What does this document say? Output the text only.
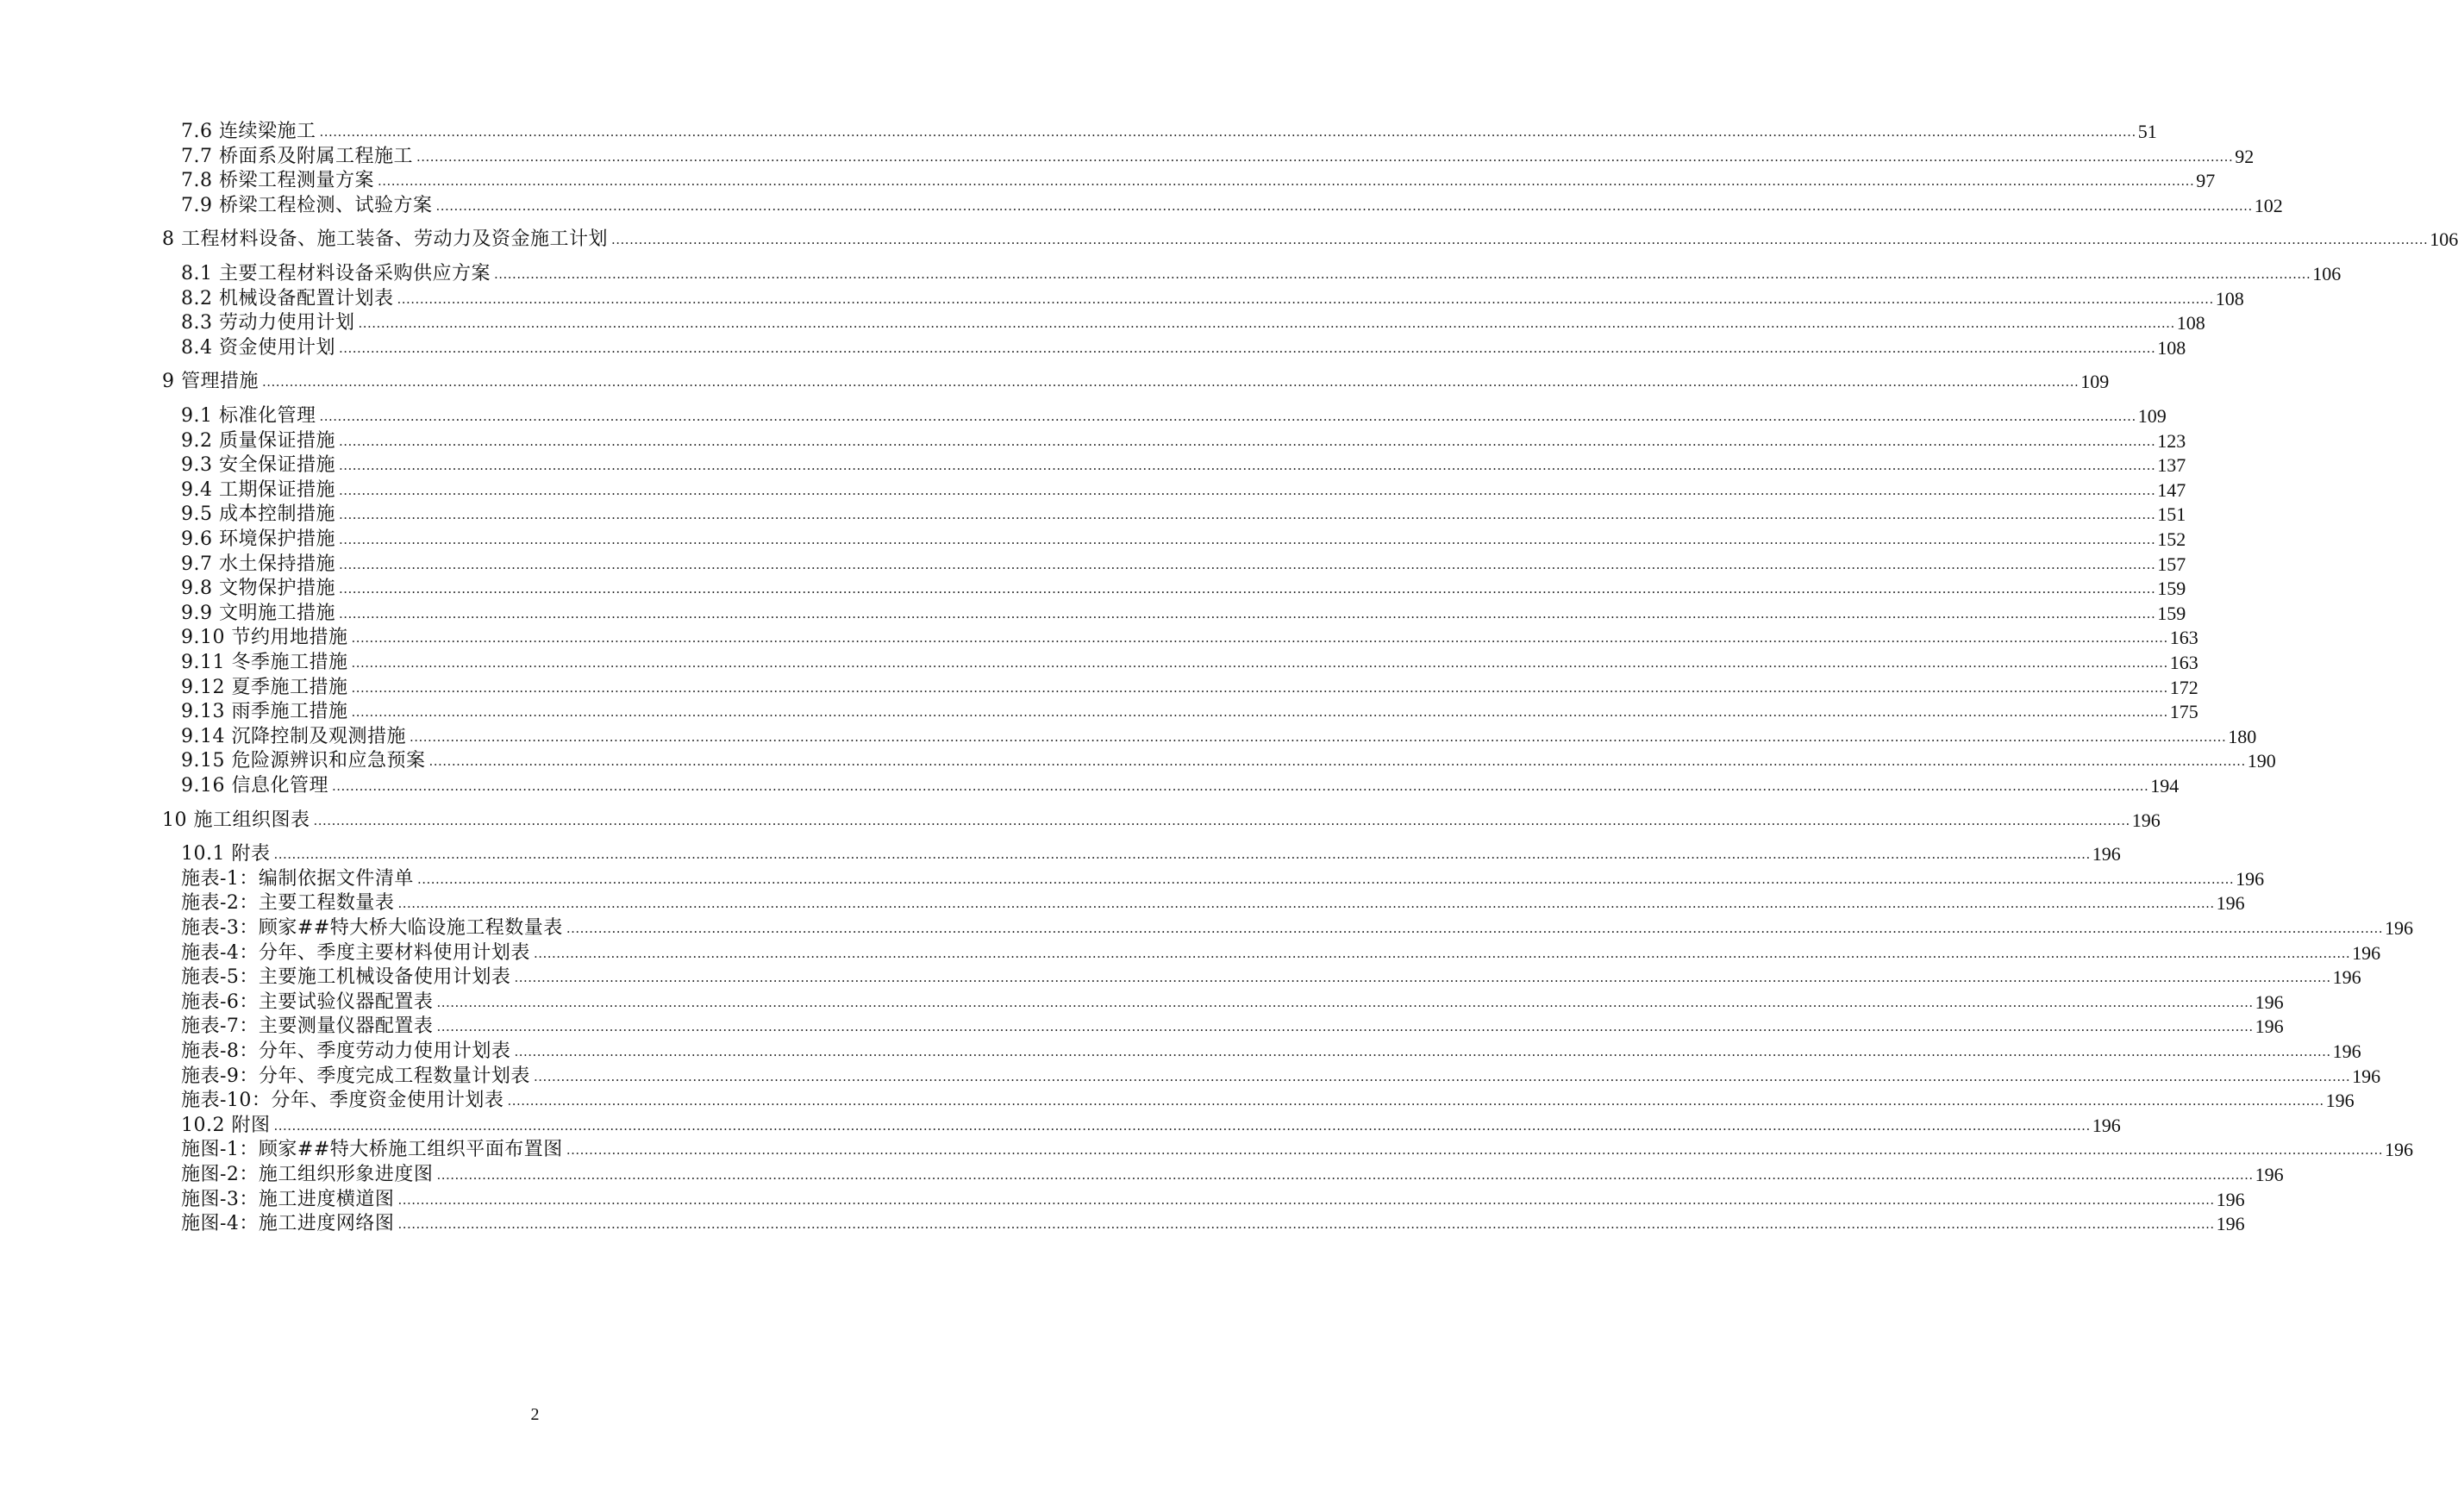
7.6 连续梁施工 ................................................................................................................................................................................................................................................................................................................................................................................................................ 51
7.7 桥面系及附属工程施工 ................................................................................................................................................................................................................................................................................................................................................................................................................ 92
7.8 桥梁工程测量方案 ................................................................................................................................................................................................................................................................................................................................................................................................................ 97
7.9 桥梁工程检测、试验方案 ................................................................................................................................................................................................................................................................................................................................................................................................................ 102
8 工程材料设备、施工装备、劳动力及资金施工计划 ................................................................................................................................................................................................................................................................................................................................................................................................................ 106
8.1 主要工程材料设备采购供应方案 ................................................................................................................................................................................................................................................................................................................................................................................................................ 106
8.2 机械设备配置计划表 ................................................................................................................................................................................................................................................................................................................................................................................................................ 108
8.3 劳动力使用计划 ................................................................................................................................................................................................................................................................................................................................................................................................................ 108
8.4 资金使用计划 ................................................................................................................................................................................................................................................................................................................................................................................................................ 108
9 管理措施 ................................................................................................................................................................................................................................................................................................................................................................................................................ 109
9.1 标准化管理 ................................................................................................................................................................................................................................................................................................................................................................................................................ 109
9.2 质量保证措施 ................................................................................................................................................................................................................................................................................................................................................................................................................ 123
9.3 安全保证措施 ................................................................................................................................................................................................................................................................................................................................................................................................................ 137
9.4 工期保证措施 ................................................................................................................................................................................................................................................................................................................................................................................................................ 147
9.5 成本控制措施 ................................................................................................................................................................................................................................................................................................................................................................................................................ 151
9.6 环境保护措施 ................................................................................................................................................................................................................................................................................................................................................................................................................ 152
9.7 水土保持措施 ................................................................................................................................................................................................................................................................................................................................................................................................................ 157
9.8 文物保护措施 ................................................................................................................................................................................................................................................................................................................................................................................................................ 159
9.9 文明施工措施 ................................................................................................................................................................................................................................................................................................................................................................................................................ 159
9.10 节约用地措施 ................................................................................................................................................................................................................................................................................................................................................................................................................ 163
9.11 冬季施工措施 ................................................................................................................................................................................................................................................................................................................................................................................................................ 163
9.12 夏季施工措施 ................................................................................................................................................................................................................................................................................................................................................................................................................ 172
9.13 雨季施工措施 ................................................................................................................................................................................................................................................................................................................................................................................................................ 175
9.14 沉降控制及观测措施 ................................................................................................................................................................................................................................................................................................................................................................................................................ 180
9.15 危险源辨识和应急预案 ................................................................................................................................................................................................................................................................................................................................................................................................................ 190
9.16 信息化管理 ................................................................................................................................................................................................................................................................................................................................................................................................................ 194
10 施工组织图表 ................................................................................................................................................................................................................................................................................................................................................................................................................ 196
10.1 附表 ................................................................................................................................................................................................................................................................................................................................................................................................................ 196
施表-1：编制依据文件清单 ................................................................................................................................................................................................................................................................................................................................................................................................................ 196
施表-2：主要工程数量表 ................................................................................................................................................................................................................................................................................................................................................................................................................ 196
施表-3：顾家##特大桥大临设施工程数量表 ................................................................................................................................................................................................................................................................................................................................................................................................................ 196
施表-4：分年、季度主要材料使用计划表 ................................................................................................................................................................................................................................................................................................................................................................................................................ 196
施表-5：主要施工机械设备使用计划表 ................................................................................................................................................................................................................................................................................................................................................................................................................ 196
施表-6：主要试验仪器配置表 ................................................................................................................................................................................................................................................................................................................................................................................................................ 196
施表-7：主要测量仪器配置表 ................................................................................................................................................................................................................................................................................................................................................................................................................ 196
施表-8：分年、季度劳动力使用计划表 ................................................................................................................................................................................................................................................................................................................................................................................................................ 196
施表-9：分年、季度完成工程数量计划表 ................................................................................................................................................................................................................................................................................................................................................................................................................ 196
施表-10：分年、季度资金使用计划表 ................................................................................................................................................................................................................................................................................................................................................................................................................ 196
10.2 附图 ................................................................................................................................................................................................................................................................................................................................................................................................................ 196
施图-1：顾家##特大桥施工组织平面布置图 ................................................................................................................................................................................................................................................................................................................................................................................................................ 196
施图-2：施工组织形象进度图 ................................................................................................................................................................................................................................................................................................................................................................................................................ 196
施图-3：施工进度横道图 ................................................................................................................................................................................................................................................................................................................................................................................................................ 196
施图-4：施工进度网络图 ................................................................................................................................................................................................................................................................................................................................................................................................................ 196
2
